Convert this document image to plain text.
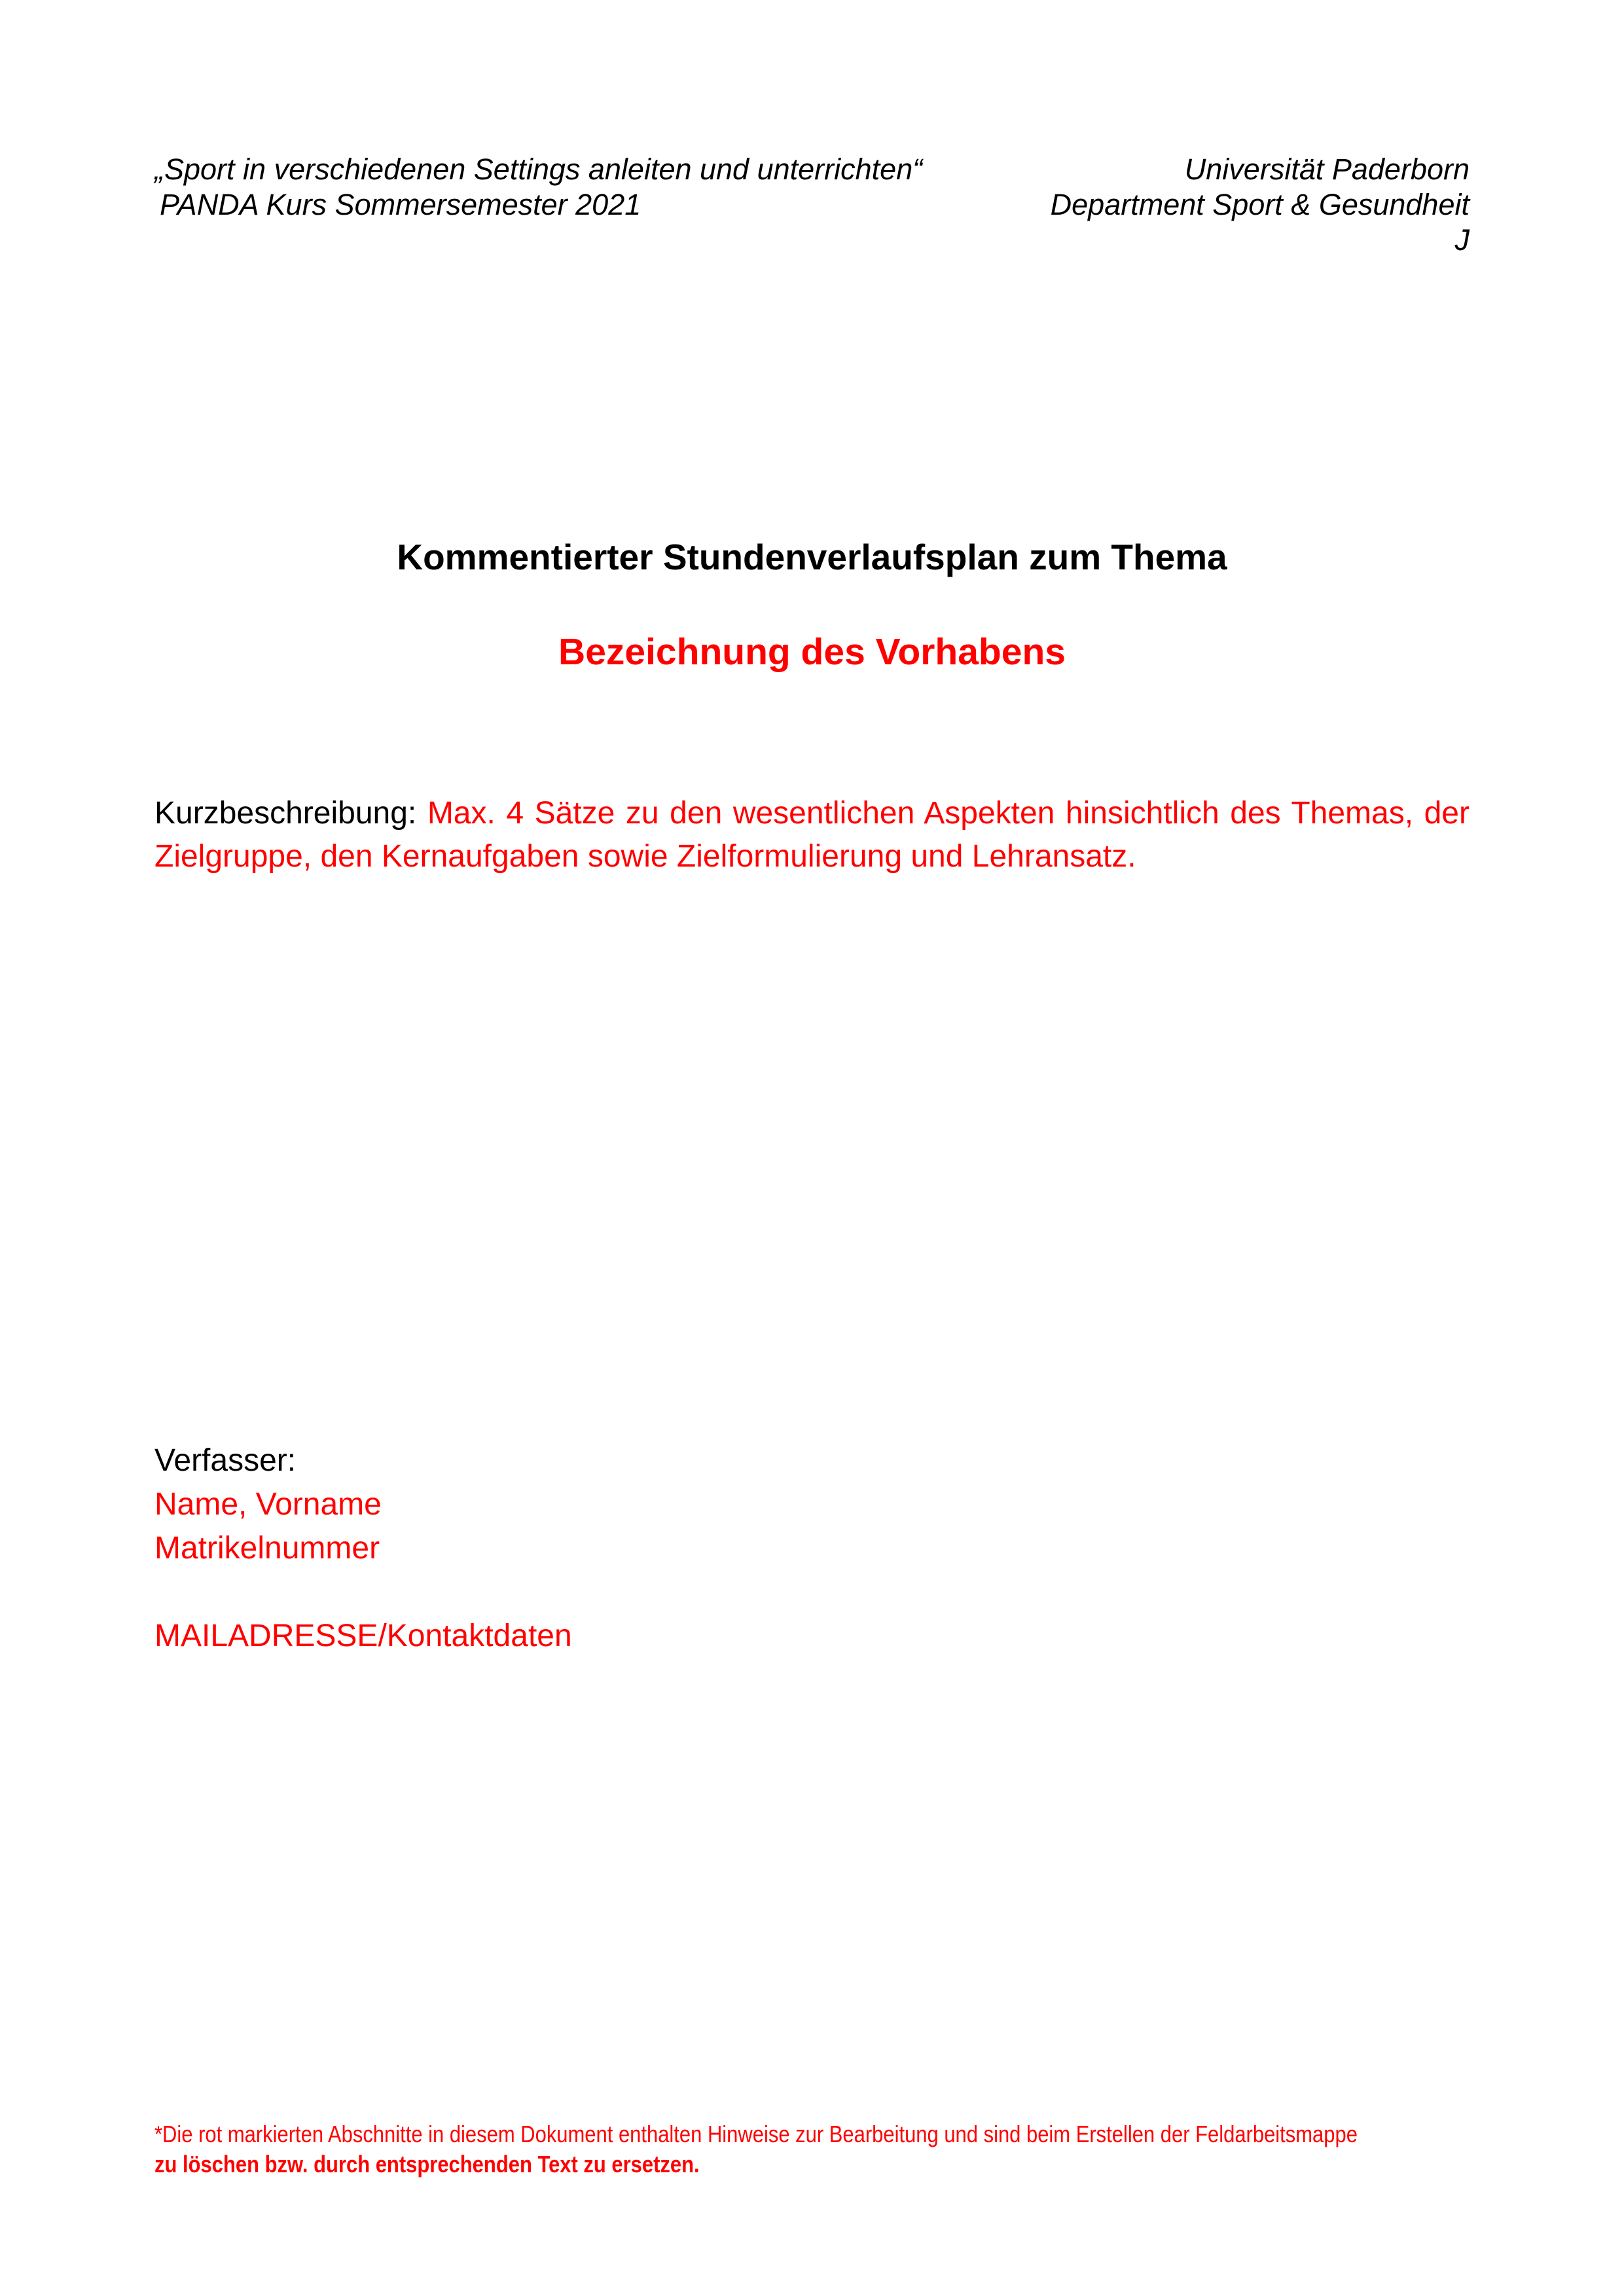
„Sport in verschiedenen Settings anleiten und unterrichten“
PANDA Kurs Sommersemester 2021
Universität Paderborn
Department Sport & Gesundheit
J
Kommentierter Stundenverlaufsplan zum Thema
Bezeichnung des Vorhabens
Kurzbeschreibung: Max. 4 Sätze zu den wesentlichen Aspekten hinsichtlich des Themas, der Zielgruppe, den Kernaufgaben sowie Zielformulierung und Lehransatz.
Verfasser:
Name, Vorname
Matrikelnummer
MAILADRESSE/Kontaktdaten
*Die rot markierten Abschnitte in diesem Dokument enthalten Hinweise zur Bearbeitung und sind beim Erstellen der Feldarbeitsmappe
zu löschen bzw. durch entsprechenden Text zu ersetzen.
